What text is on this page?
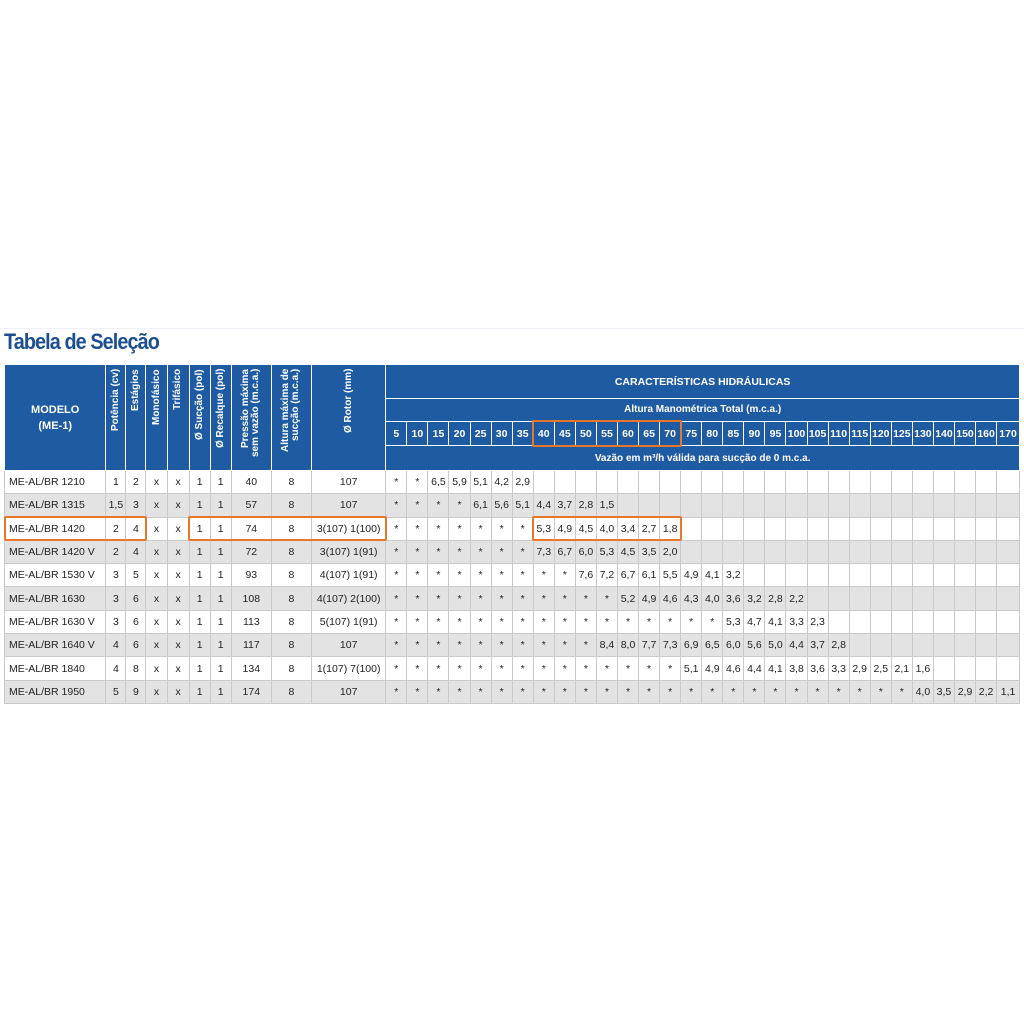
Tabela de Seleção
MODELO
(ME-1)	Potência (cv)	Estágios	Monofásico	Trifásico	Ø Sucção (pol)	Ø Recalque (pol)	Pressão máxima sem vazão (m.c.a.)	Altura máxima de sucção (m.c.a.)	Ø Rotor (mm)	CARACTERÍSTICAS HIDRÁULICAS																													
										Altura Manométrica Total (m.c.a.)																													
										5	10	15	20	25	30	35	40	45	50	55	60	65	70	75	80	85	90	95	100	105	110	115	120	125	130	140	150	160	170
										Vazão em m³/h válida para sucção de 0 m.c.a.																													
ME-AL/BR 1210	1	2	x	x	1	1	40	8	107	*	*	6,5	5,9	5,1	4,2	2,9																							
ME-AL/BR 1315	1,5	3	x	x	1	1	57	8	107	*	*	*	*	6,1	5,6	5,1	4,4	3,7	2,8	1,5																			
ME-AL/BR 1420	2	4	x	x	1	1	74	8	3(107) 1(100)	*	*	*	*	*	*	*	5,3	4,9	4,5	4,0	3,4	2,7	1,8																
ME-AL/BR 1420 V	2	4	x	x	1	1	72	8	3(107) 1(91)	*	*	*	*	*	*	*	7,3	6,7	6,0	5,3	4,5	3,5	2,0																
ME-AL/BR 1530 V	3	5	x	x	1	1	93	8	4(107) 1(91)	*	*	*	*	*	*	*	*	*	7,6	7,2	6,7	6,1	5,5	4,9	4,1	3,2													
ME-AL/BR 1630	3	6	x	x	1	1	108	8	4(107) 2(100)	*	*	*	*	*	*	*	*	*	*	*	5,2	4,9	4,6	4,3	4,0	3,6	3,2	2,8	2,2										
ME-AL/BR 1630 V	3	6	x	x	1	1	113	8	5(107) 1(91)	*	*	*	*	*	*	*	*	*	*	*	*	*	*	*	*	5,3	4,7	4,1	3,3	2,3									
ME-AL/BR 1640 V	4	6	x	x	1	1	117	8	107	*	*	*	*	*	*	*	*	*	*	8,4	8,0	7,7	7,3	6,9	6,5	6,0	5,6	5,0	4,4	3,7	2,8								
ME-AL/BR 1840	4	8	x	x	1	1	134	8	1(107) 7(100)	*	*	*	*	*	*	*	*	*	*	*	*	*	*	5,1	4,9	4,6	4,4	4,1	3,8	3,6	3,3	2,9	2,5	2,1	1,6				
ME-AL/BR 1950	5	9	x	x	1	1	174	8	107	*	*	*	*	*	*	*	*	*	*	*	*	*	*	*	*	*	*	*	*	*	*	*	*	*	4,0	3,5	2,9	2,2	1,1
